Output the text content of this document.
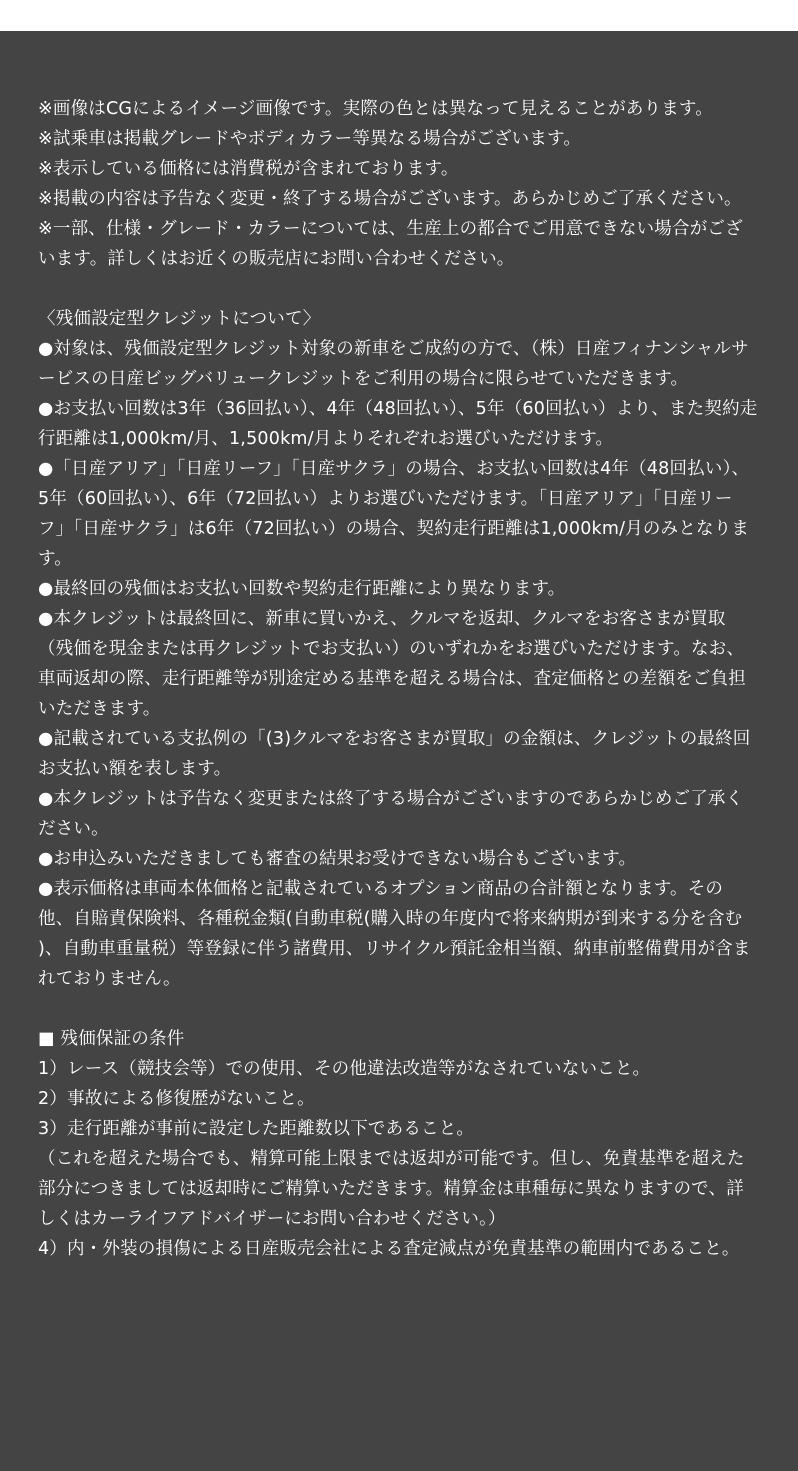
※画像はCGによるイメージ画像です。実際の色とは異なって見えることがあります。

※試乗車は掲載グレードやボディカラー等異なる場合がございます。

※表示している価格には消費税が含まれております。

※掲載の内容は予告なく変更・終了する場合がございます。あらかじめご了承ください。

※一部、仕様・グレード・カラーについては、生産上の都合でご用意できない場合がございます。詳しくはお近くの販売店にお問い合わせください。

〈残価設定型クレジットについて〉

●対象は、残価設定型クレジット対象の新車をご成約の方で、（株）日産フィナンシャルサービスの日産ビッグバリュークレジットをご利用の場合に限らせていただきます。

●お支払い回数は3年（36回払い）、4年（48回払い）、5年（60回払い）より、また契約走行距離は1,000km/月、1,500km/月よりそれぞれお選びいただけます。

●「日産アリア」「日産リーフ」「日産サクラ」の場合、お支払い回数は4年（48回払い）、5年（60回払い）、6年（72回払い）よりお選びいただけます。「日産アリア」「日産リーフ」「日産サクラ」は6年（72回払い）の場合、契約走行距離は1,000km/月のみとなります。

●最終回の残価はお支払い回数や契約走行距離により異なります。

●本クレジットは最終回に、新車に買いかえ、クルマを返却、クルマをお客さまが買取（残価を現金または再クレジットでお支払い）のいずれかをお選びいただけます。なお、車両返却の際、走行距離等が別途定める基準を超える場合は、査定価格との差額をご負担いただきます。

●記載されている支払例の「(3)クルマをお客さまが買取」の金額は、クレジットの最終回お支払い額を表します。

●本クレジットは予告なく変更または終了する場合がございますのであらかじめご了承ください。

●お申込みいただきましても審査の結果お受けできない場合もございます。

●表示価格は車両本体価格と記載されているオプション商品の合計額となります。その他、自賠責保険料、各種税金類(自動車税(購入時の年度内で将来納期が到来する分を含む )、自動車重量税）等登録に伴う諸費用、リサイクル預託金相当額、納車前整備費用が含まれておりません。

■ 残価保証の条件

1）レース（競技会等）での使用、その他違法改造等がなされていないこと。

2）事故による修復歴がないこと。

3）走行距離が事前に設定した距離数以下であること。

（これを超えた場合でも、精算可能上限までは返却が可能です。但し、免責基準を超えた部分につきましては返却時にご精算いただきます。精算金は車種毎に異なりますので、詳しくはカーライフアドバイザーにお問い合わせください。）

4）内・外装の損傷による日産販売会社による査定減点が免責基準の範囲内であること。
